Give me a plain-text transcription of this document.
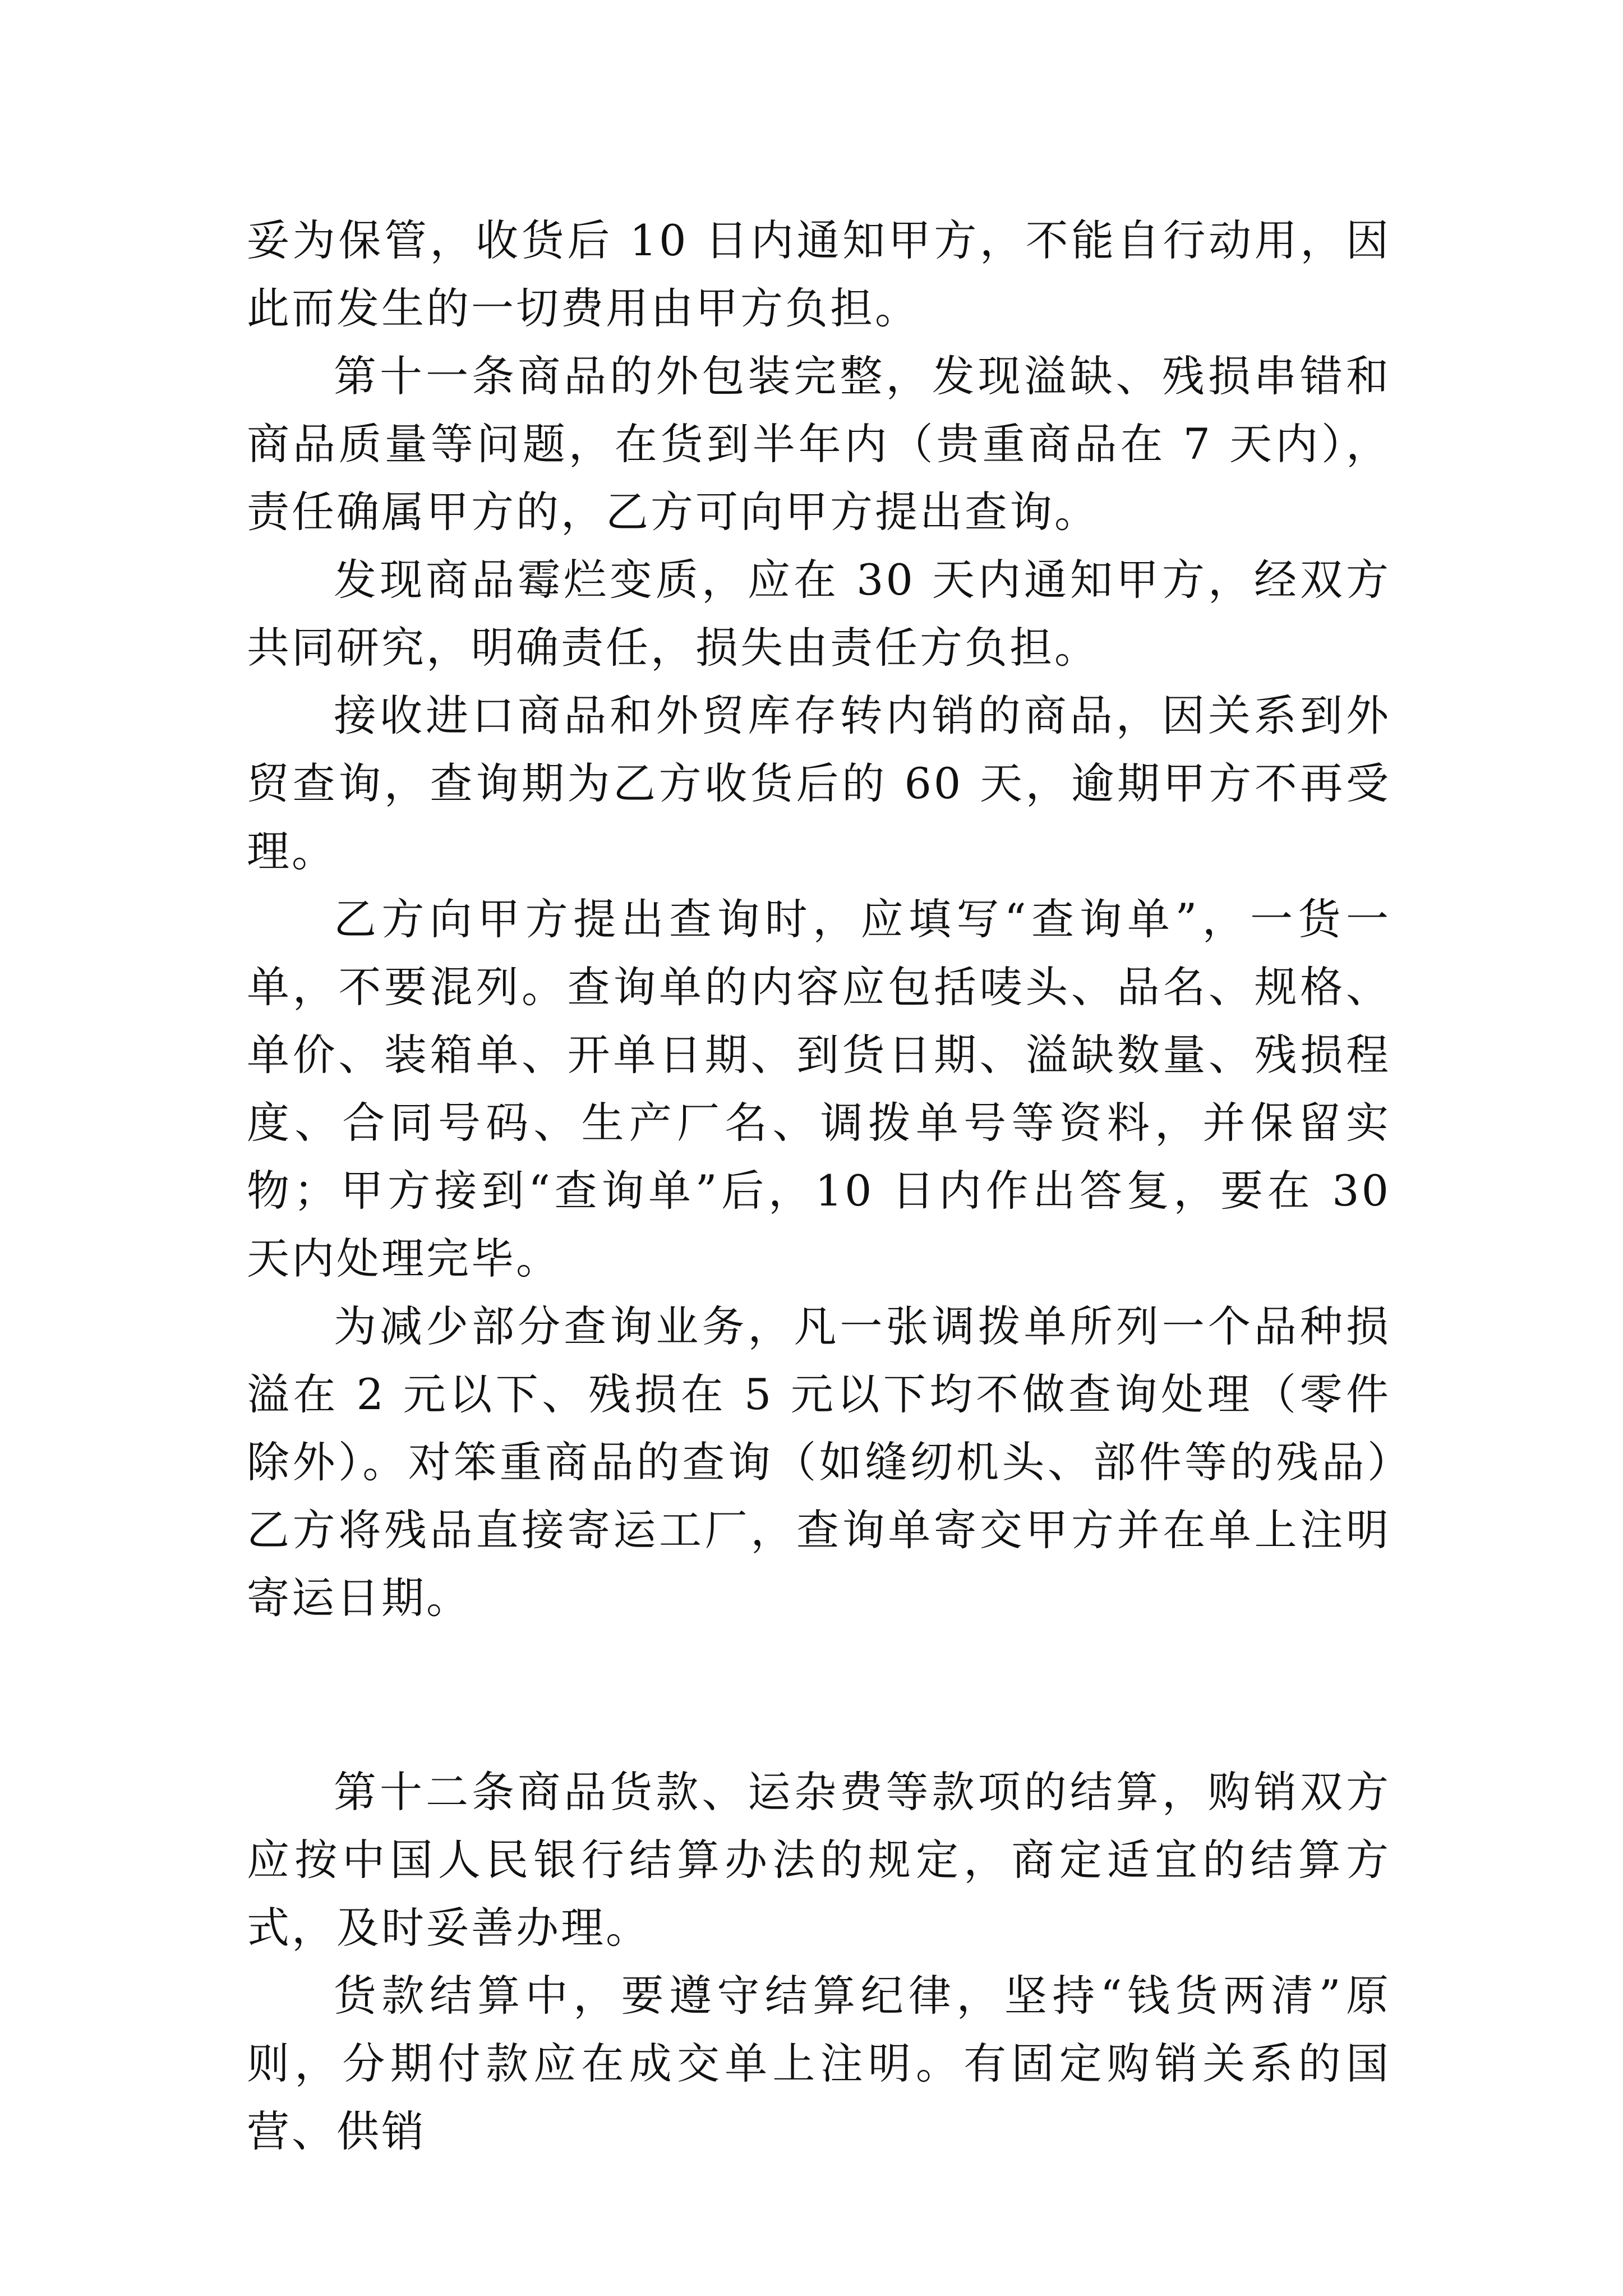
妥为保管，收货后 10 日内通知甲方，不能自行动用，因此而发生的一切费用由甲方负担。

第十一条商品的外包装完整，发现溢缺、残损串错和商品质量等问题，在货到半年内（贵重商品在 7 天内），责任确属甲方的，乙方可向甲方提出查询。

发现商品霉烂变质，应在 30 天内通知甲方，经双方共同研究，明确责任，损失由责任方负担。

接收进口商品和外贸库存转内销的商品，因关系到外贸查询，查询期为乙方收货后的 60 天，逾期甲方不再受理。

乙方向甲方提出查询时，应填写“查询单”，一货一单，不要混列。查询单的内容应包括唛头、品名、规格、单价、装箱单、开单日期、到货日期、溢缺数量、残损程度、合同号码、生产厂名、调拨单号等资料，并保留实物；甲方接到“查询单”后，10 日内作出答复，要在 30 天内处理完毕。

为减少部分查询业务，凡一张调拨单所列一个品种损溢在 2 元以下、残损在 5 元以下均不做查询处理（零件除外）。对笨重商品的查询（如缝纫机头、部件等的残品）乙方将残品直接寄运工厂，查询单寄交甲方并在单上注明寄运日期。

第十二条商品货款、运杂费等款项的结算，购销双方应按中国人民银行结算办法的规定，商定适宜的结算方式，及时妥善办理。

货款结算中，要遵守结算纪律，坚持“钱货两清”原则，分期付款应在成交单上注明。有固定购销关系的国营、供销
